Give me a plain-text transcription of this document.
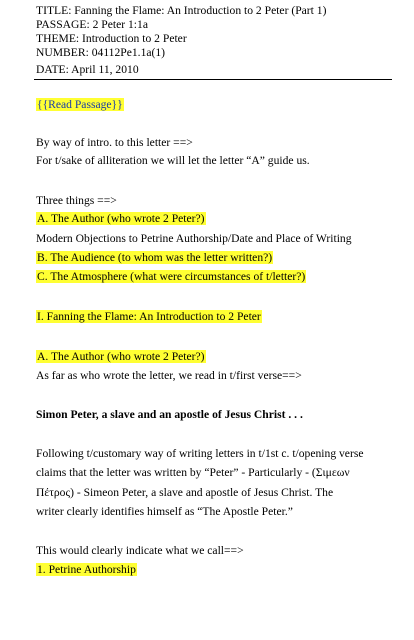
TITLE: Fanning the Flame: An Introduction to 2 Peter (Part 1)
PASSAGE: 2 Peter 1:1a
THEME: Introduction to 2 Peter
NUMBER: 04112Pe1.1a(1)
DATE: April 11, 2010
{{Read Passage}}
By way of intro. to this letter ==>
For t/sake of alliteration we will let the letter “A” guide us.
Three things ==>
A. The Author (who wrote 2 Peter?)
Modern Objections to Petrine Authorship/Date and Place of Writing
B. The Audience (to whom was the letter written?)
C. The Atmosphere (what were circumstances of t/letter?)
I. Fanning the Flame: An Introduction to 2 Peter
A. The Author (who wrote 2 Peter?)
As far as who wrote the letter, we read in t/first verse==>
Simon Peter, a slave and an apostle of Jesus Christ . . .
Following t/customary way of writing letters in t/1st c. t/opening verse
claims that the letter was written by “Peter” - Particularly - (Σιμεων
Πέτρος) - Simeon Peter, a slave and apostle of Jesus Christ. The
writer clearly identifies himself as “The Apostle Peter.”
This would clearly indicate what we call==>
1. Petrine Authorship
